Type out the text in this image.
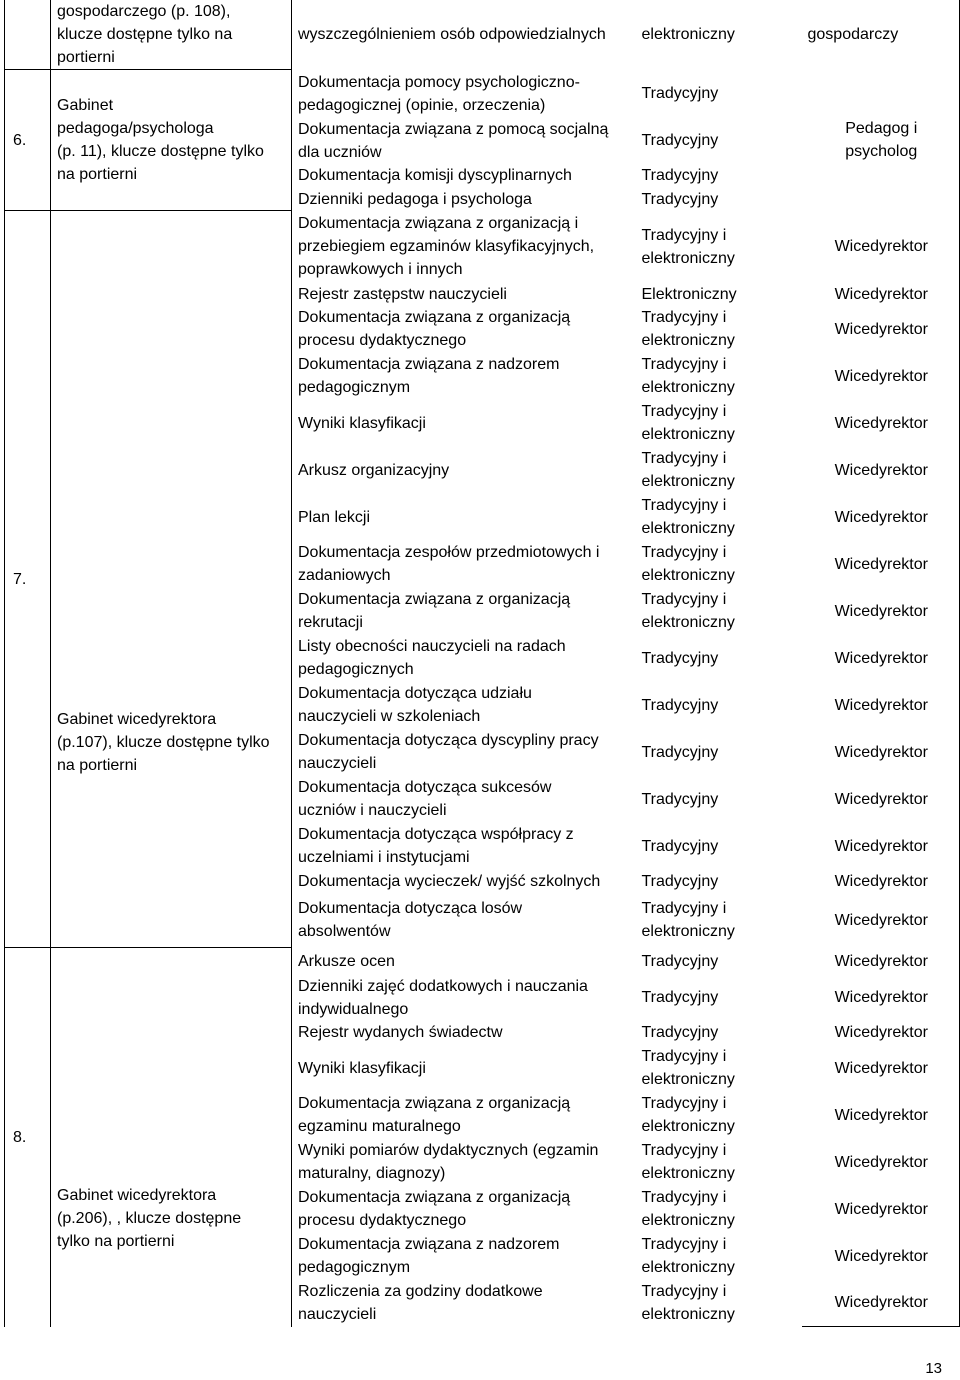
	gospodarczego (p. 108),
klucze dostępne tylko na
portierni	wyszczególnieniem osób odpowiedzialnych	elektroniczny	gospodarczy
6.	Gabinet
pedagoga/psychologa
(p. 11), klucze dostępne tylko
na portierni	Dokumentacja pomocy psychologiczno-
pedagogicznej (opinie, orzeczenia)	Tradycyjny	Pedagog i
psycholog
		Dokumentacja związana z pomocą socjalną
dla uczniów	Tradycyjny	
		Dokumentacja komisji dyscyplinarnych	Tradycyjny	
		Dzienniki pedagoga i psychologa	Tradycyjny	
7.	Gabinet wicedyrektora
(p.107), klucze dostępne tylko
na portierni	Dokumentacja związana z organizacją i
przebiegiem egzaminów klasyfikacyjnych,
poprawkowych i innych	Tradycyjny i
elektroniczny	Wicedyrektor
		Rejestr zastępstw nauczycieli	Elektroniczny	Wicedyrektor
		Dokumentacja związana z organizacją
procesu dydaktycznego	Tradycyjny i
elektroniczny	Wicedyrektor
		Dokumentacja związana z nadzorem
pedagogicznym	Tradycyjny i
elektroniczny	Wicedyrektor
		Wyniki klasyfikacji	Tradycyjny i
elektroniczny	Wicedyrektor
		Arkusz organizacyjny	Tradycyjny i
elektroniczny	Wicedyrektor
		Plan lekcji	Tradycyjny i
elektroniczny	Wicedyrektor
		Dokumentacja zespołów przedmiotowych i
zadaniowych	Tradycyjny i
elektroniczny	Wicedyrektor
		Dokumentacja związana z organizacją
rekrutacji	Tradycyjny i
elektroniczny	Wicedyrektor
		Listy obecności nauczycieli na radach
pedagogicznych	Tradycyjny	Wicedyrektor
		Dokumentacja dotycząca udziału
nauczycieli w szkoleniach	Tradycyjny	Wicedyrektor
		Dokumentacja dotycząca dyscypliny pracy
nauczycieli	Tradycyjny	Wicedyrektor
		Dokumentacja dotycząca sukcesów
uczniów i nauczycieli	Tradycyjny	Wicedyrektor
		Dokumentacja dotycząca współpracy z
uczelniami i instytucjami	Tradycyjny	Wicedyrektor
		Dokumentacja wycieczek/ wyjść szkolnych	Tradycyjny	Wicedyrektor
		Dokumentacja dotycząca losów
absolwentów	Tradycyjny i
elektroniczny	Wicedyrektor
8.	Gabinet wicedyrektora
(p.206), , klucze dostępne
tylko na portierni	Arkusze ocen	Tradycyjny	Wicedyrektor
		Dzienniki zajęć dodatkowych i nauczania
indywidualnego	Tradycyjny	Wicedyrektor
		Rejestr wydanych świadectw	Tradycyjny	Wicedyrektor
		Wyniki klasyfikacji	Tradycyjny i
elektroniczny	Wicedyrektor
		Dokumentacja związana z organizacją
egzaminu maturalnego	Tradycyjny i
elektroniczny	Wicedyrektor
		Wyniki pomiarów dydaktycznych (egzamin
maturalny, diagnozy)	Tradycyjny i
elektroniczny	Wicedyrektor
		Dokumentacja związana z organizacją
procesu dydaktycznego	Tradycyjny i
elektroniczny	Wicedyrektor
		Dokumentacja związana z nadzorem
pedagogicznym	Tradycyjny i
elektroniczny	Wicedyrektor
		Rozliczenia za godziny dodatkowe
nauczycieli	Tradycyjny i
elektroniczny	Wicedyrektor
13
